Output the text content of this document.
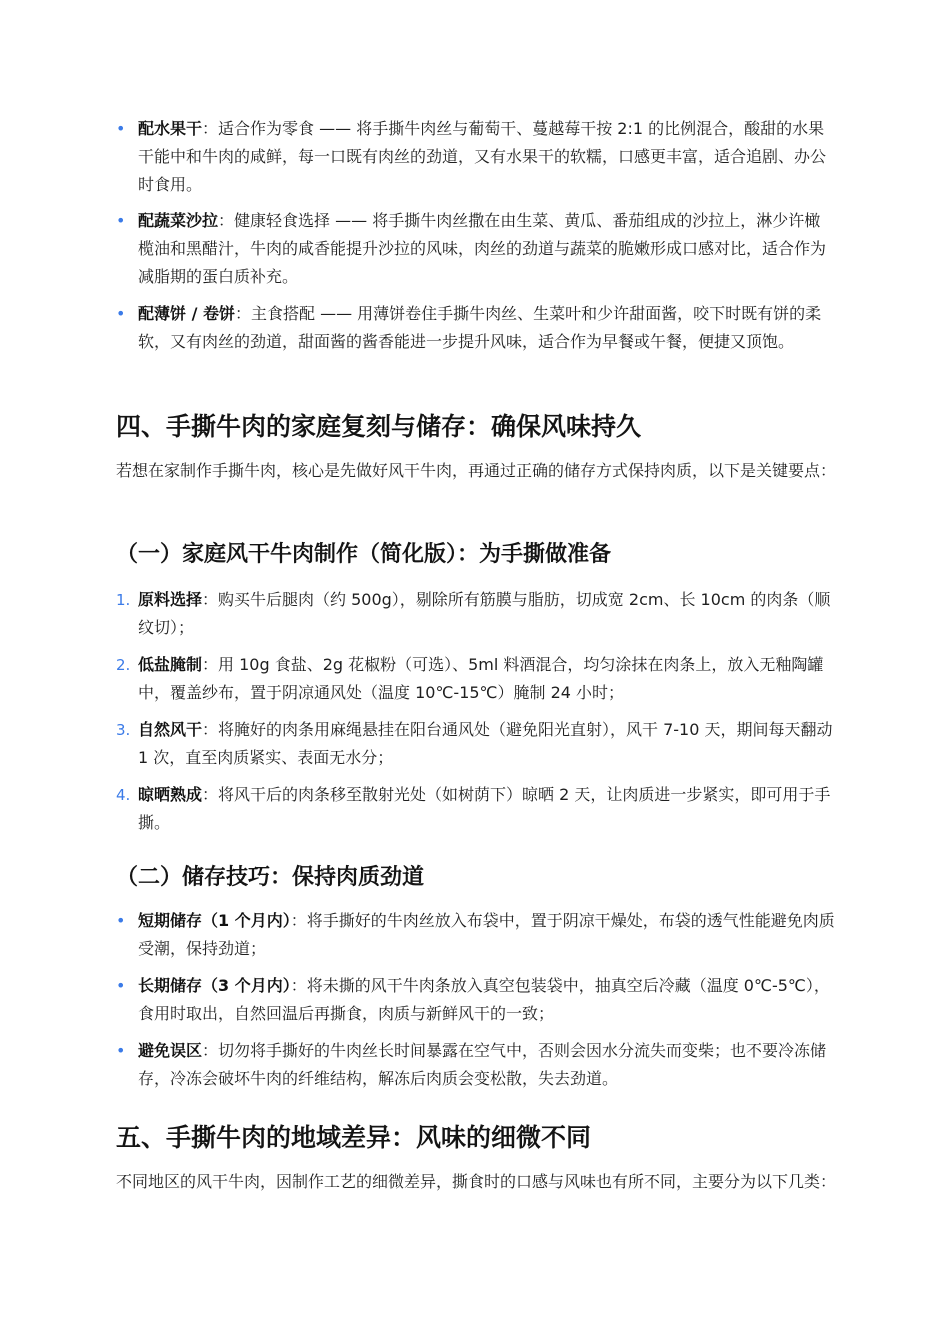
• 配水果干：适合作为零食 —— 将手撕牛肉丝与葡萄干、蔓越莓干按 2:1 的比例混合，酸甜的水果干能中和牛肉的咸鲜，每一口既有肉丝的劲道，又有水果干的软糯，口感更丰富，适合追剧、办公时食用。
• 配蔬菜沙拉：健康轻食选择 —— 将手撕牛肉丝撒在由生菜、黄瓜、番茄组成的沙拉上，淋少许橄榄油和黑醋汁，牛肉的咸香能提升沙拉的风味，肉丝的劲道与蔬菜的脆嫩形成口感对比，适合作为减脂期的蛋白质补充。
• 配薄饼 / 卷饼：主食搭配 —— 用薄饼卷住手撕牛肉丝、生菜叶和少许甜面酱，咬下时既有饼的柔软，又有肉丝的劲道，甜面酱的酱香能进一步提升风味，适合作为早餐或午餐，便捷又顶饱。
四、手撕牛肉的家庭复刻与储存：确保风味持久

若想在家制作手撕牛肉，核心是先做好风干牛肉，再通过正确的储存方式保持肉质，以下是关键要点：

（一）家庭风干牛肉制作（简化版）：为手撕做准备
1. 原料选择：购买牛后腿肉（约 500g），剔除所有筋膜与脂肪，切成宽 2cm、长 10cm 的肉条（顺纹切）；
2. 低盐腌制：用 10g 食盐、2g 花椒粉（可选）、5ml 料酒混合，均匀涂抹在肉条上，放入无釉陶罐中，覆盖纱布，置于阴凉通风处（温度 10℃-15℃）腌制 24 小时；
3. 自然风干：将腌好的肉条用麻绳悬挂在阳台通风处（避免阳光直射），风干 7-10 天，期间每天翻动 1 次，直至肉质紧实、表面无水分；
4. 晾晒熟成：将风干后的肉条移至散射光处（如树荫下）晾晒 2 天，让肉质进一步紧实，即可用于手撕。
（二）储存技巧：保持肉质劲道
• 短期储存（1 个月内）：将手撕好的牛肉丝放入布袋中，置于阴凉干燥处，布袋的透气性能避免肉质受潮，保持劲道；
• 长期储存（3 个月内）：将未撕的风干牛肉条放入真空包装袋中，抽真空后冷藏（温度 0℃-5℃），食用时取出，自然回温后再撕食，肉质与新鲜风干的一致；
• 避免误区：切勿将手撕好的牛肉丝长时间暴露在空气中，否则会因水分流失而变柴；也不要冷冻储存，冷冻会破坏牛肉的纤维结构，解冻后肉质会变松散，失去劲道。
五、手撕牛肉的地域差异：风味的细微不同

不同地区的风干牛肉，因制作工艺的细微差异，撕食时的口感与风味也有所不同，主要分为以下几类：
